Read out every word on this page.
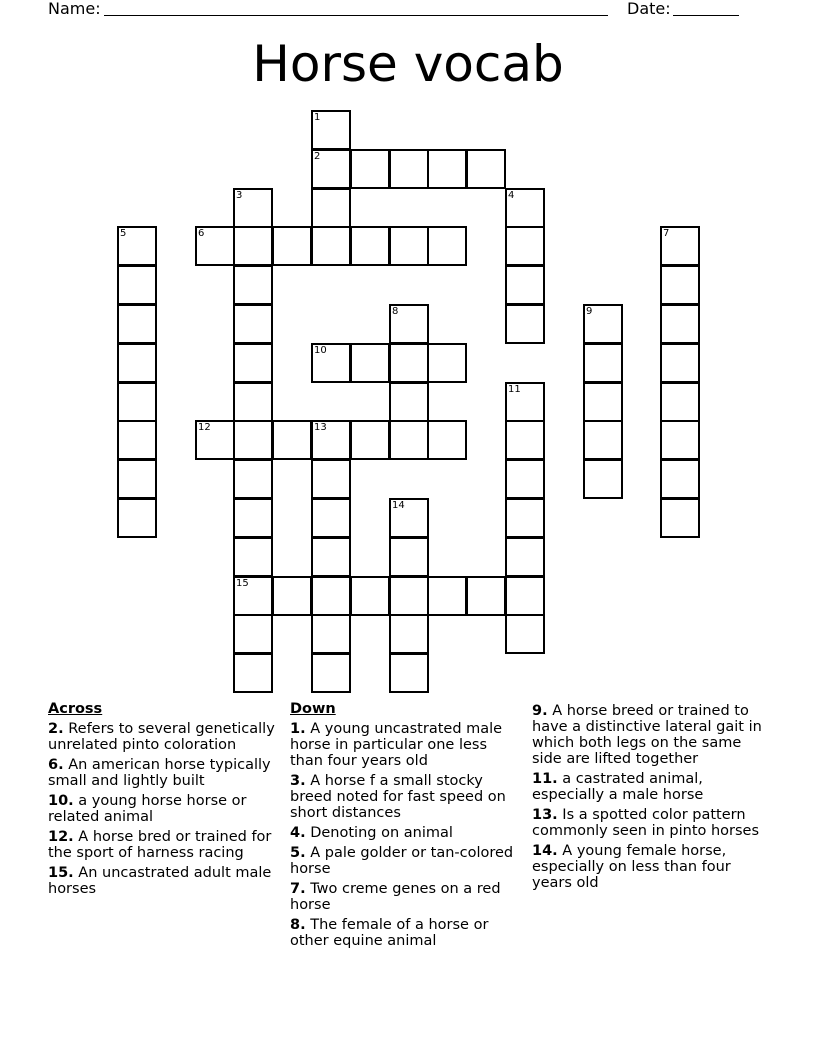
Name:	Date:
Horse vocab
1
2
3
15
4
5	6	7
8	9
10
11
12	13
14
Across
2. Refers to several genetically unrelated pinto coloration
6. An american horse typically small and lightly built
10. a young horse horse or related animal
12. A horse bred or trained for the sport of harness racing
15. An uncastrated adult male horses
Down
1. A young uncastrated male horse in particular one less than four years old
3. A horse f a small stocky breed noted for fast speed on short distances
4. Denoting on animal
5. A pale golder or tan-colored horse
7. Two creme genes on a red horse
8. The female of a horse or other equine animal
9. A horse breed or trained to have a distinctive lateral gait in which both legs on the same side are lifted together
11. a castrated animal, especially a male horse
13. Is a spotted color pattern commonly seen in pinto horses
14. A young female horse, especially on less than four years old
